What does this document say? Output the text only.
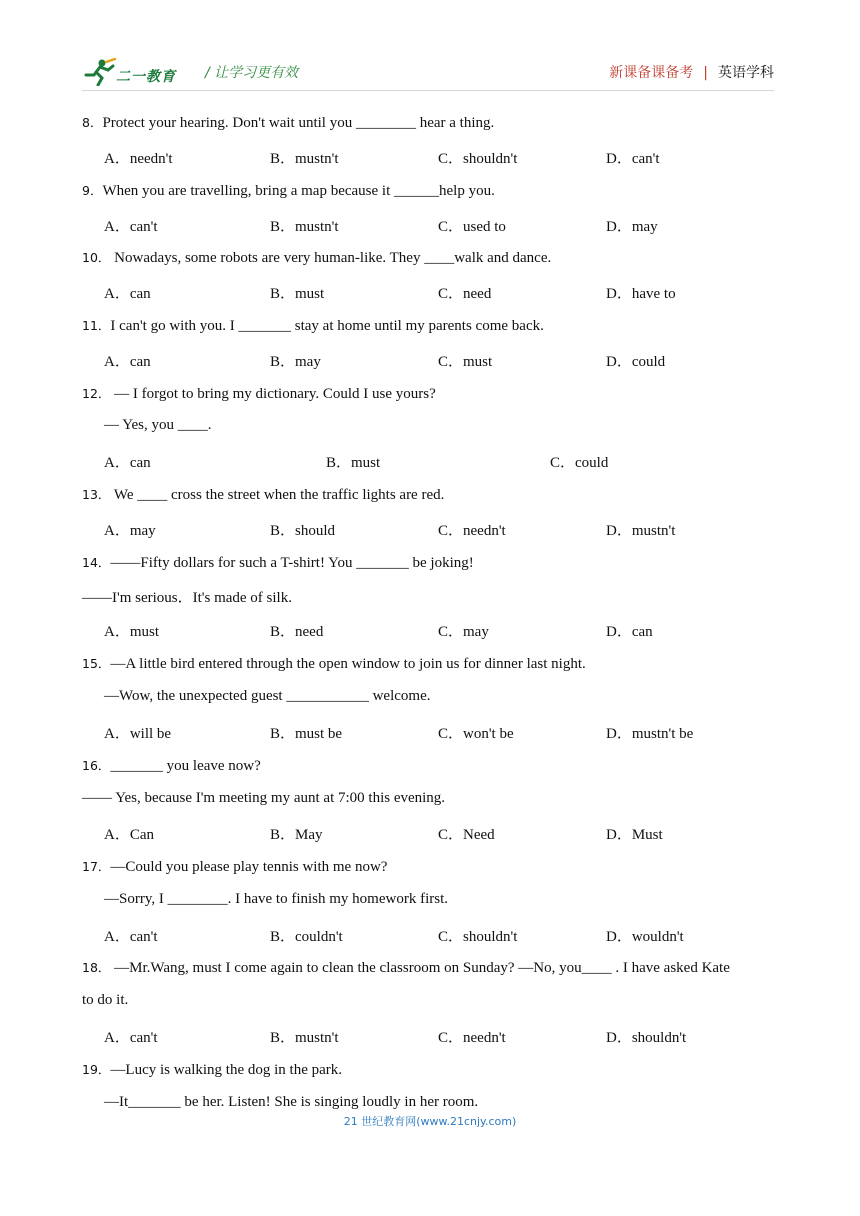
二一教育 / 让学习更有效	新课备课备考 | 英语学科
8．Protect your hearing. Don't wait until you ________ hear a thing.
A．needn't	B．mustn't	C．shouldn't	D．can't
9．When you are travelling, bring a map because it ______help you.
A．can't	B．mustn't	C．used to	D．may
10． Nowadays, some robots are very human-like. They ____walk and dance.
A．can	B．must	C．need	D．have to
11．I can't go with you. I _______ stay at home until my parents come back.
A．can	B．may	C．must	D．could
12． — I forgot to bring my dictionary. Could I use yours?
— Yes, you ____.
A．can	B．must	C．could
13． We ____ cross the street when the traffic lights are red.
A．may	B．should	C．needn't	D．mustn't
14．——Fifty dollars for such a T-shirt! You _______ be joking!
——I'm serious．It's made of silk.
A．must	B．need	C．may	D．can
15．—A little bird entered through the open window to join us for dinner last night.
—Wow, the unexpected guest ___________ welcome.
A．will be	B．must be	C．won't be	D．mustn't be
16．_______ you leave now?
—— Yes, because I'm meeting my aunt at 7:00 this evening.
A．Can	B．May	C．Need	D．Must
17．—Could you please play tennis with me now?
—Sorry, I ________. I have to finish my homework first.
A．can't	B．couldn't	C．shouldn't	D．wouldn't
18． —Mr.Wang, must I come again to clean the classroom on Sunday? —No, you____ . I have asked Kate
to do it.
A．can't	B．mustn't	C．needn't	D．shouldn't
19．—Lucy is walking the dog in the park.
—It_______ be her. Listen! She is singing loudly in her room.
21 世纪教育网(www.21cnjy.com)
